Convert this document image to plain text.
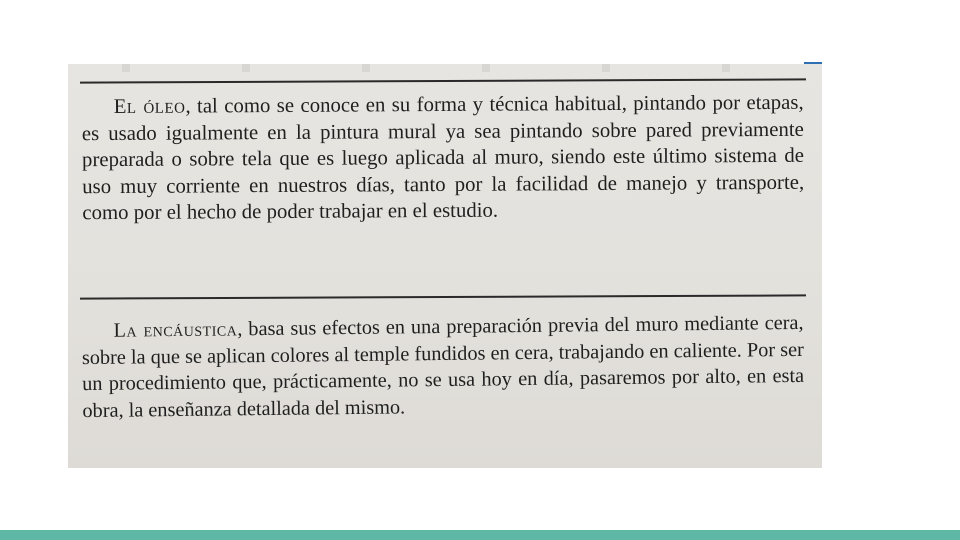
El óleo, tal como se conoce en su forma y técnica habitual, pintando por etapas, es usado igualmente en la pintura mural ya sea pintando sobre pared previamente preparada o sobre tela que es luego aplicada al muro, siendo este último sistema de uso muy corriente en nuestros días, tanto por la facilidad de manejo y transporte, como por el hecho de poder trabajar en el estudio.

La encáustica, basa sus efectos en una preparación previa del muro mediante cera, sobre la que se aplican colores al temple fundidos en cera, trabajando en caliente. Por ser un procedimiento que, prácticamente, no se usa hoy en día, pasaremos por alto, en esta obra, la enseñanza detallada del mismo.
